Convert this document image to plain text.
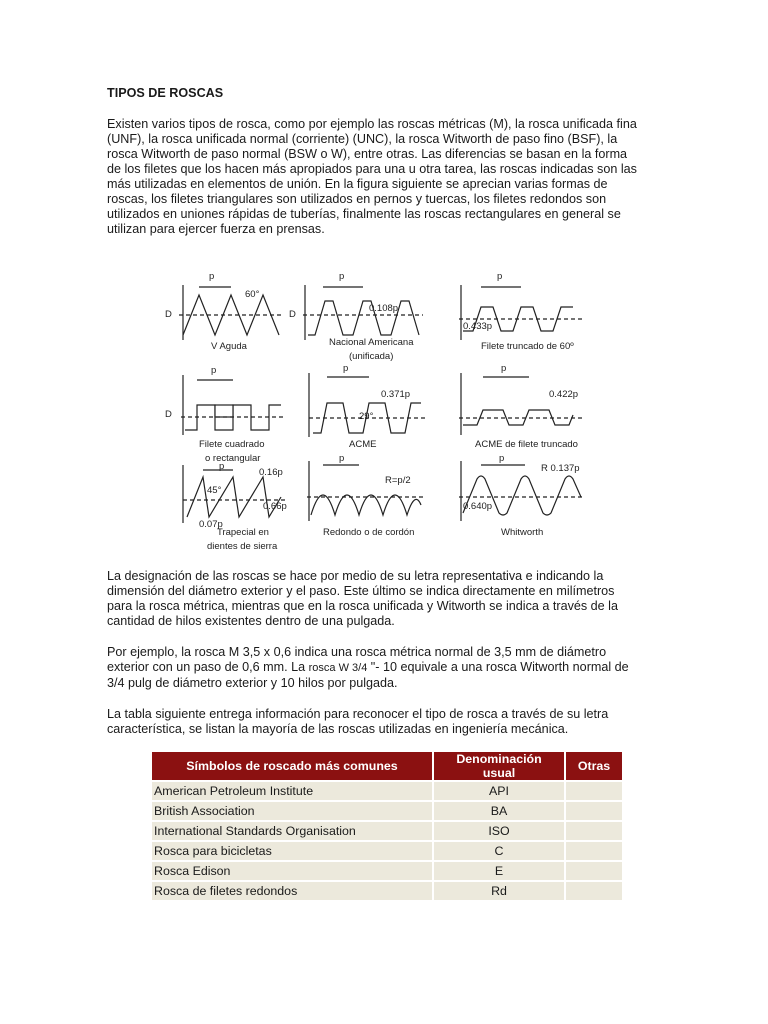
TIPOS DE ROSCAS

Existen varios tipos de rosca, como por ejemplo las roscas métricas (M), la rosca unificada fina (UNF), la rosca unificada normal (corriente) (UNC), la rosca Witworth de paso fino (BSF), la rosca Witworth de paso normal (BSW o W), entre otras. Las diferencias se basan en la forma de los filetes que los hacen más apropiados para una u otra tarea, las roscas indicadas son las más utilizadas en elementos de unión. En la figura siguiente se aprecian varias formas de roscas, los filetes triangulares son utilizados en pernos y tuercas, los filetes redondos son utilizados en uniones rápidas de tuberías, finalmente las roscas rectangulares en general se utilizan para ejercer fuerza en prensas.

p
60°
D
p
0.108p
D
p
0.433p
p
D
p
0.371p
29°
p
0.422p
p
0.16p
45°
0.66p
0.07p
p
R=p/2
p
R 0.137p
0.640p
V Aguda	Nacional Americana
(unificada)
Filete truncado de 60º
Filete cuadrado
o rectangular
ACME	ACME de filete truncado
Trapecial en
dientes de sierra
Redondo o de cordón	Whitworth

La designación de las roscas se hace por medio de su letra representativa e indicando la dimensión del diámetro exterior y el paso. Este último se indica directamente en milímetros para la rosca métrica, mientras que en la rosca unificada y Witworth se indica a través de la cantidad de hilos existentes dentro de una pulgada.

Por ejemplo, la rosca M 3,5 x 0,6 indica una rosca métrica normal de 3,5 mm de diámetro exterior con un paso de 0,6 mm. La rosca W 3/4 "- 10 equivale a una rosca Witworth normal de 3/4 pulg de diámetro exterior y 10 hilos por pulgada.

La tabla siguiente entrega información para reconocer el tipo de rosca a través de su letra característica, se listan la mayoría de las roscas utilizadas en ingeniería mecánica.

Símbolos de roscado más comunes	Denominación usual	Otras
American Petroleum Institute	API	
British Association	BA	
International Standards Organisation	ISO	
Rosca para bicicletas	C	
Rosca Edison	E	
Rosca de filetes redondos	Rd	
